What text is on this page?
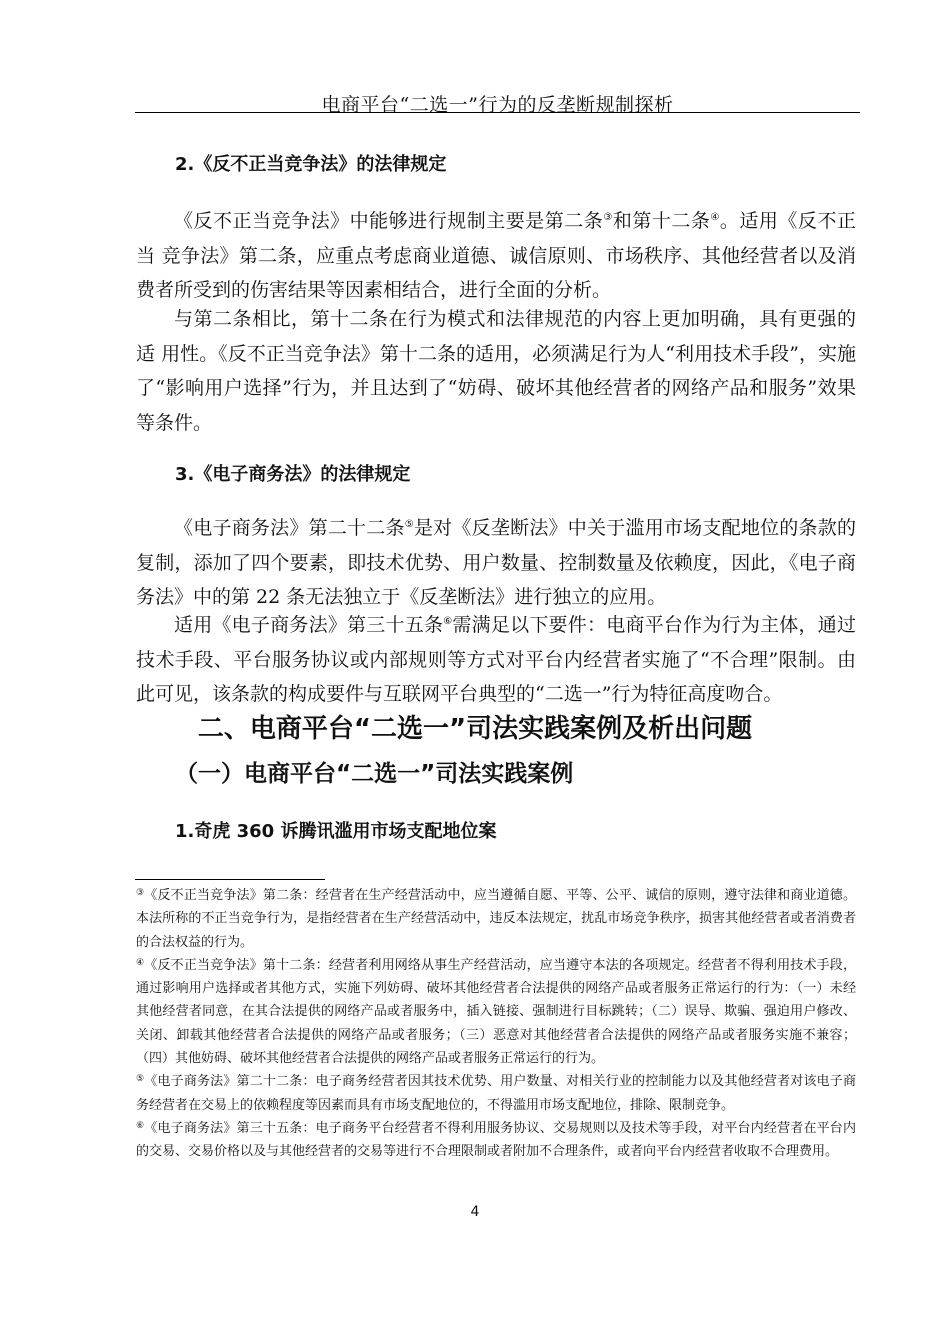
电商平台“二选一”行为的反垄断规制探析
2.《反不正当竞争法》的法律规定
《反不正当竞争法》中能够进行规制主要是第二条③和第十二条④。适用《反不正当 竞争法》第二条，应重点考虑商业道德、诚信原则、市场秩序、其他经营者以及消费者所受到的伤害结果等因素相结合，进行全面的分析。
与第二条相比，第十二条在行为模式和法律规范的内容上更加明确，具有更强的适 用性。《反不正当竞争法》第十二条的适用，必须满足行为人“利用技术手段”，实施了“影响用户选择”行为，并且达到了“妨碍、破坏其他经营者的网络产品和服务”效果等条件。
3.《电子商务法》的法律规定
《电子商务法》第二十二条⑤是对《反垄断法》中关于滥用市场支配地位的条款的复制，添加了四个要素，即技术优势、用户数量、控制数量及依赖度，因此，《电子商务法》中的第 22 条无法独立于《反垄断法》进行独立的应用。
适用《电子商务法》第三十五条⑥需满足以下要件：电商平台作为行为主体，通过技术手段、平台服务协议或内部规则等方式对平台内经营者实施了“不合理”限制。由此可见，该条款的构成要件与互联网平台典型的“二选一”行为特征高度吻合。
二、电商平台“二选一”司法实践案例及析出问题
（一）电商平台“二选一”司法实践案例
1.奇虎 360 诉腾讯滥用市场支配地位案

③《反不正当竞争法》第二条：经营者在生产经营活动中，应当遵循自愿、平等、公平、诚信的原则，遵守法律和商业道德。本法所称的不正当竞争行为，是指经营者在生产经营活动中，违反本法规定，扰乱市场竞争秩序，损害其他经营者或者消费者的合法权益的行为。

④《反不正当竞争法》第十二条：经营者利用网络从事生产经营活动，应当遵守本法的各项规定。经营者不得利用技术手段，通过影响用户选择或者其他方式，实施下列妨碍、破坏其他经营者合法提供的网络产品或者服务正常运行的行为：（一）未经其他经营者同意，在其合法提供的网络产品或者服务中，插入链接、强制进行目标跳转；（二）误导、欺骗、强迫用户修改、关闭、卸载其他经营者合法提供的网络产品或者服务；（三）恶意对其他经营者合法提供的网络产品或者服务实施不兼容；（四）其他妨碍、破坏其他经营者合法提供的网络产品或者服务正常运行的行为。

⑤《电子商务法》第二十二条：电子商务经营者因其技术优势、用户数量、对相关行业的控制能力以及其他经营者对该电子商务经营者在交易上的依赖程度等因素而具有市场支配地位的，不得滥用市场支配地位，排除、限制竞争。

⑥《电子商务法》第三十五条：电子商务平台经营者不得利用服务协议、交易规则以及技术等手段，对平台内经营者在平台内的交易、交易价格以及与其他经营者的交易等进行不合理限制或者附加不合理条件，或者向平台内经营者收取不合理费用。

4
